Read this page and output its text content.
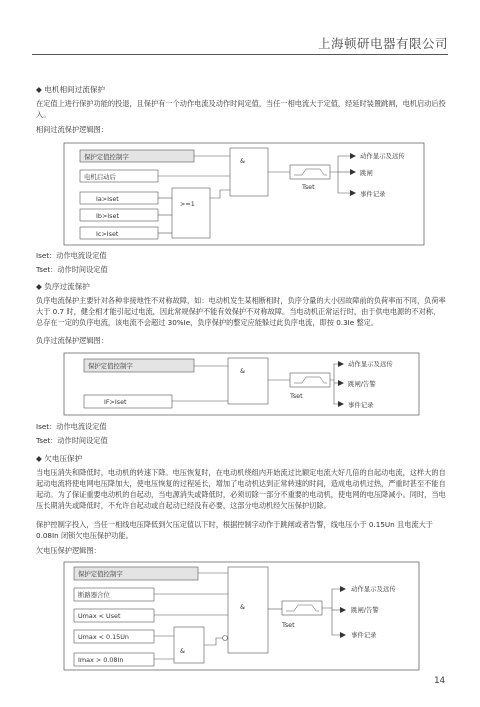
上海顿研电器有限公司
◆ 电机相间过流保护
在定值上进行保护功能的投退，且保护有一个动作电流及动作时间定值，当任一相电流大于定值，经延时装置跳闸，电机启动后投入。
相间过流保护逻辑图：
保护定值控制字
电机启动后
Ia>Iset
Ib>Iset
Ic>Iset
>=1
&
Tset
动作显示及远传
跳闸
事件记录
Iset：动作电流设定值
Tset：动作时间设定值
◆ 负序过流保护
负序电流保护主要针对各种非接地性不对称故障，如：电动机发生某相断相时，负序分量的大小因故障前的负荷率而不同，负荷率大于 0.7 时，健全相才能引起过电流，因此常规保护不能有效保护不对称故障。当电动机正常运行时，由于供电电源的不对称，总存在一定的负序电流，该电流不会超过 30%Ie，负序保护的整定应能躲过此负序电流，即按 0.3Ie 整定。
负序过流保护逻辑图：
保护定值控制字
IF>Iset
&
Tset
动作显示及远传
跳闸/告警
事件记录
Iset：动作电流设定值
Tset：动作时间设定值
◆ 欠电压保护
当电压消失和降低时，电动机的转速下降。电压恢复时，在电动机绕组内开始流过比额定电流大好几倍的自起动电流，这样大的自起动电流将使电网电压降加大，使电压恢复的过程延长，增加了电动机达到正常转速的时间，造成电动机过热，严重时甚至不能自起动。为了保证重要电动机的自起动，当电源消失或降低时，必须切除一部分不重要的电动机，使电网的电压降减小。同时，当电压长期消失或降低时，不允许自起动或自起动已经没有必要，这部分电动机经欠压保护切除。
保护控制字投入，当任一相线电压降低到欠压定值以下时，根据控制字动作于跳闸或者告警，线电压小于 0.15Un 且电流大于 0.08In 闭锁欠电压保护功能。
欠电压保护逻辑图：
保护定值控制字
断路器合位
Umax < Uset
Umax < 0.15Un
Imax > 0.08In
&
&
Tset
动作显示及远传
跳闸/告警
事件记录
14
